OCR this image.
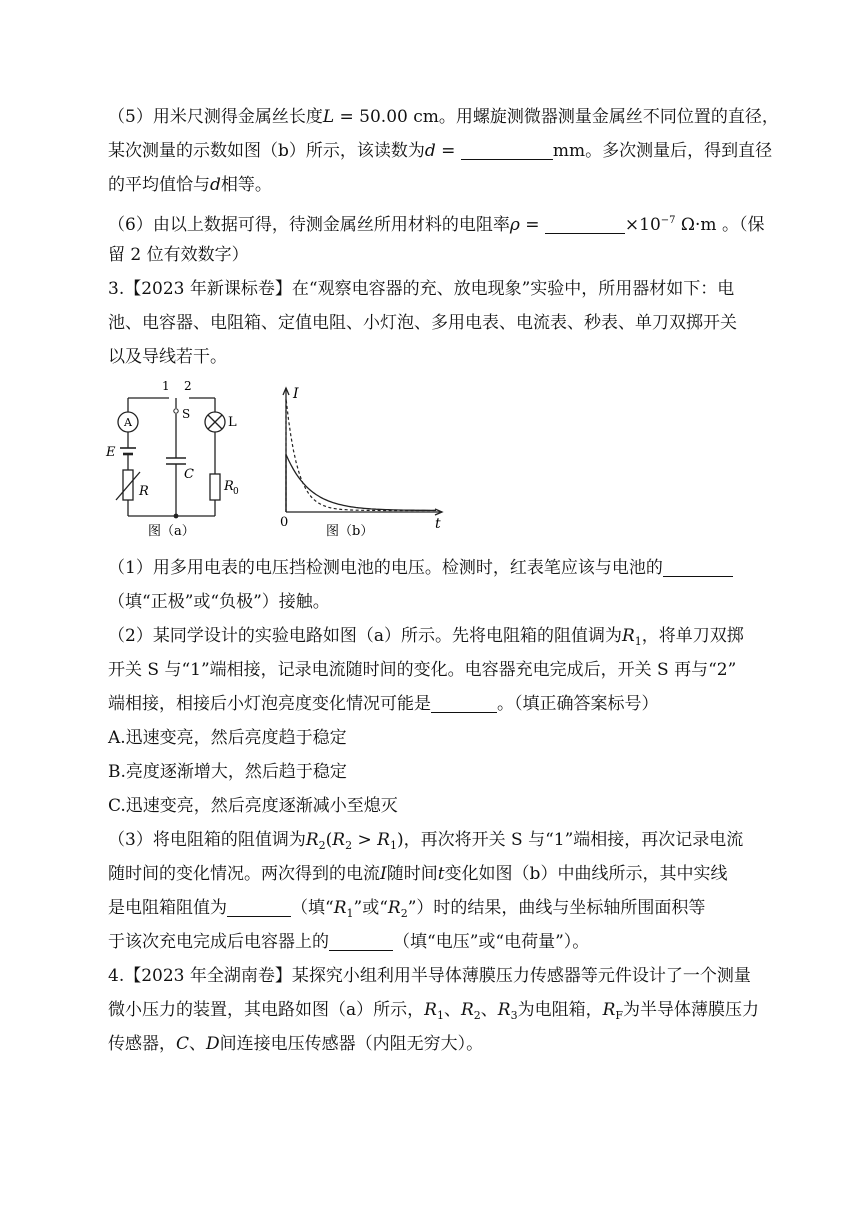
（5）用米尺测得金属丝长度L = 50.00 cm。用螺旋测微器测量金属丝不同位置的直径，
某次测量的示数如图（b）所示，该读数为d =	mm。多次测量后，得到直径
的平均值恰与d相等。
（6）由以上数据可得，待测金属丝所用材料的电阻率ρ =	$\times 10^{-7}$ Ω·m 。（保
留 2 位有效数字）
3.【2023 年新课标卷】在“观察电容器的充、放电现象”实验中，所用器材如下：电
池、电容器、电阻箱、定值电阻、小灯泡、多用电表、电流表、秒表、单刀双掷开关
以及导线若干。
1 2
S
A	L
E
C
R	R 0
图（a）
I
0	t
图（b）
（1）用多用电表的电压挡检测电池的电压。检测时，红表笔应该与电池的
（填“正极”或“负极”）接触。
（2）某同学设计的实验电路如图（a）所示。先将电阻箱的阻值调为$R_1$，将单刀双掷
开关 S 与“1”端相接，记录电流随时间的变化。电容器充电完成后，开关 S 再与“2”
端相接，相接后小灯泡亮度变化情况可能是	。（填正确答案标号）
A.迅速变亮，然后亮度趋于稳定
B.亮度逐渐增大，然后趋于稳定
C.迅速变亮，然后亮度逐渐减小至熄灭
（3）将电阻箱的阻值调为$R_2(R_2 > R_1)$，再次将开关 S 与“1”端相接，再次记录电流
随时间的变化情况。两次得到的电流I随时间t变化如图（b）中曲线所示，其中实线
是电阻箱阻值为	（填“$R_1$”或“$R_2$”）时的结果，曲线与坐标轴所围面积等
于该次充电完成后电容器上的	（填“电压”或“电荷量”）。
4.【2023 年全湖南卷】某探究小组利用半导体薄膜压力传感器等元件设计了一个测量
微小压力的装置，其电路如图（a）所示，$R_1$、$R_2$、$R_3$为电阻箱，$R_F$为半导体薄膜压力
传感器，C、D间连接电压传感器（内阻无穷大）。
